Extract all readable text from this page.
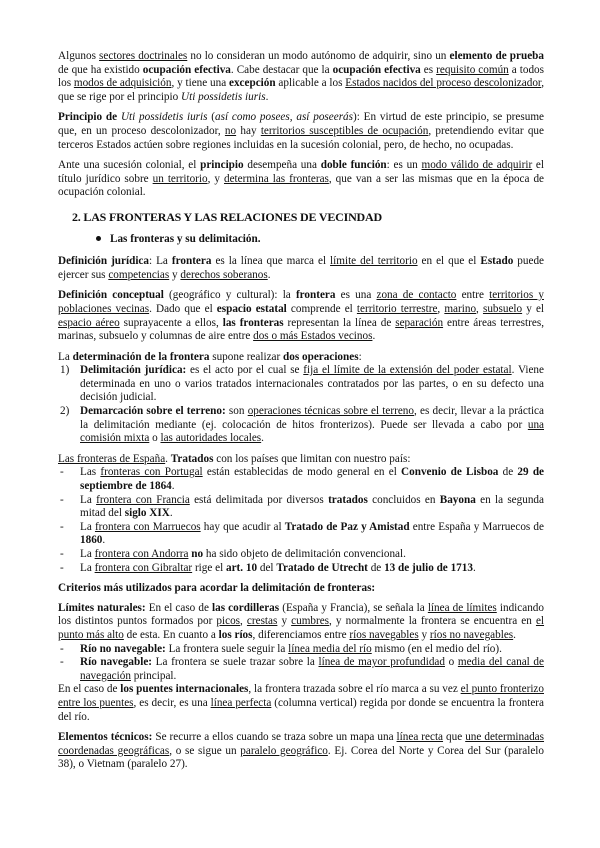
Algunos sectores doctrinales no lo consideran un modo autónomo de adquirir, sino un elemento de prueba de que ha existido ocupación efectiva. Cabe destacar que la ocupación efectiva es requisito común a todos los modos de adquisición, y tiene una excepción aplicable a los Estados nacidos del proceso descolonizador, que se rige por el principio Uti possidetis iuris.

Principio de Uti possidetis iuris (así como posees, así poseerás): En virtud de este principio, se presume que, en un proceso descolonizador, no hay territorios susceptibles de ocupación, pretendiendo evitar que terceros Estados actúen sobre regiones incluidas en la sucesión colonial, pero, de hecho, no ocupadas.

Ante una sucesión colonial, el principio desempeña una doble función: es un modo válido de adquirir el título jurídico sobre un territorio, y determina las fronteras, que van a ser las mismas que en la época de ocupación colonial.

2. LAS FRONTERAS Y LAS RELACIONES DE VECINDAD
Las fronteras y su delimitación.

Definición jurídica: La frontera es la línea que marca el límite del territorio en el que el Estado puede ejercer sus competencias y derechos soberanos.

Definición conceptual (geográfico y cultural): la frontera es una zona de contacto entre territorios y poblaciones vecinas. Dado que el espacio estatal comprende el territorio terrestre, marino, subsuelo y el espacio aéreo suprayacente a ellos, las fronteras representan la línea de separación entre áreas terrestres, marinas, subsuelo y columnas de aire entre dos o más Estados vecinos.

La determinación de la frontera supone realizar dos operaciones:
1) Delimitación jurídica: es el acto por el cual se fija el límite de la extensión del poder estatal. Viene determinada en uno o varios tratados internacionales contratados por las partes, o en su defecto una decisión judicial.
2) Demarcación sobre el terreno: son operaciones técnicas sobre el terreno, es decir, llevar a la práctica la delimitación mediante (ej. colocación de hitos fronterizos). Puede ser llevada a cabo por una comisión mixta o las autoridades locales.
Las fronteras de España. Tratados con los países que limitan con nuestro país:
- Las fronteras con Portugal están establecidas de modo general en el Convenio de Lisboa de 29 de septiembre de 1864.
- La frontera con Francia está delimitada por diversos tratados concluidos en Bayona en la segunda mitad del siglo XIX.
- La frontera con Marruecos hay que acudir al Tratado de Paz y Amistad entre España y Marruecos de 1860.
- La frontera con Andorra no ha sido objeto de delimitación convencional.
- La frontera con Gibraltar rige el art. 10 del Tratado de Utrecht de 13 de julio de 1713.
Criterios más utilizados para acordar la delimitación de fronteras:
Límites naturales: En el caso de las cordilleras (España y Francia), se señala la línea de límites indicando los distintos puntos formados por picos, crestas y cumbres, y normalmente la frontera se encuentra en el punto más alto de esta. En cuanto a los ríos, diferenciamos entre ríos navegables y ríos no navegables.
- Río no navegable: La frontera suele seguir la línea media del río mismo (en el medio del río).
- Río navegable: La frontera se suele trazar sobre la línea de mayor profundidad o media del canal de navegación principal.

En el caso de los puentes internacionales, la frontera trazada sobre el río marca a su vez el punto fronterizo entre los puentes, es decir, es una línea perfecta (columna vertical) regida por donde se encuentra la frontera del río.

Elementos técnicos: Se recurre a ellos cuando se traza sobre un mapa una línea recta que une determinadas coordenadas geográficas, o se sigue un paralelo geográfico. Ej. Corea del Norte y Corea del Sur (paralelo 38), o Vietnam (paralelo 27).
